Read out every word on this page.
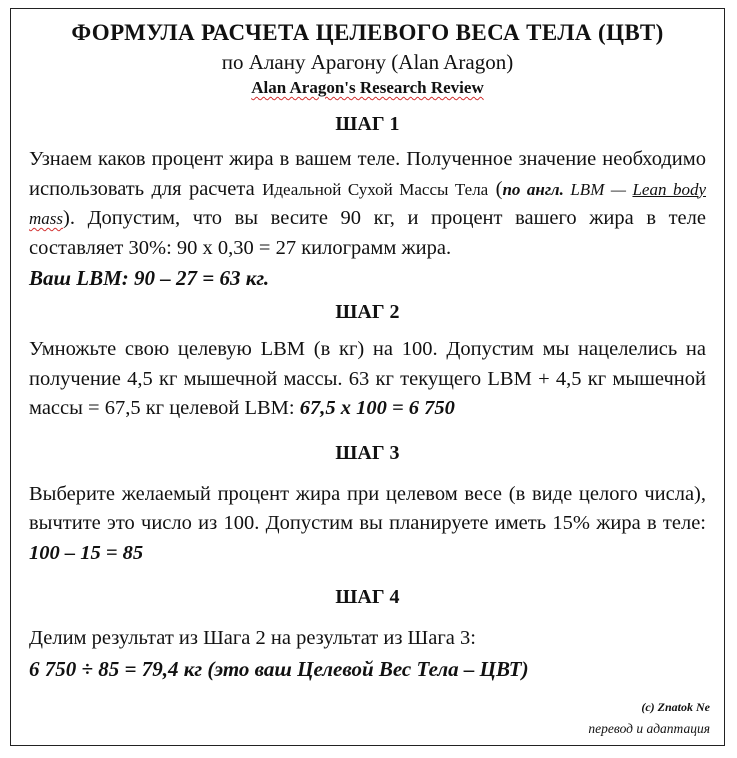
ФОРМУЛА РАСЧЕТА ЦЕЛЕВОГО ВЕСА ТЕЛА (ЦВТ)

по Алану Арагону (Alan Aragon)

Alan Aragon's Research Review

ШАГ 1

Узнаем каков процент жира в вашем теле. Полученное значение необходимо использовать для расчета Идеальной Сухой Массы Тела (по англ. LBM — Lean body mass). Допустим, что вы весите 90 кг, и процент вашего жира в теле составляет 30%: 90 х 0,30 = 27 килограмм жира.

Ваш LBM: 90 – 27 = 63 кг.

ШАГ 2

Умножьте свою целевую LBM (в кг) на 100. Допустим мы нацелелись на получение 4,5 кг мышечной массы. 63 кг текущего LBM + 4,5 кг мышечной массы = 67,5 кг целевой LBM: 67,5 х 100 = 6 750

ШАГ 3

Выберите желаемый процент жира при целевом весе (в виде целого числа), вычтите это число из 100. Допустим вы планируете иметь 15% жира в теле: 100 – 15 = 85

ШАГ 4

Делим результат из Шага 2 на результат из Шага 3:

6 750 ÷ 85 = 79,4 кг (это ваш Целевой Вес Тела – ЦВТ)

(c) Znatok Ne
перевод и адаптация
